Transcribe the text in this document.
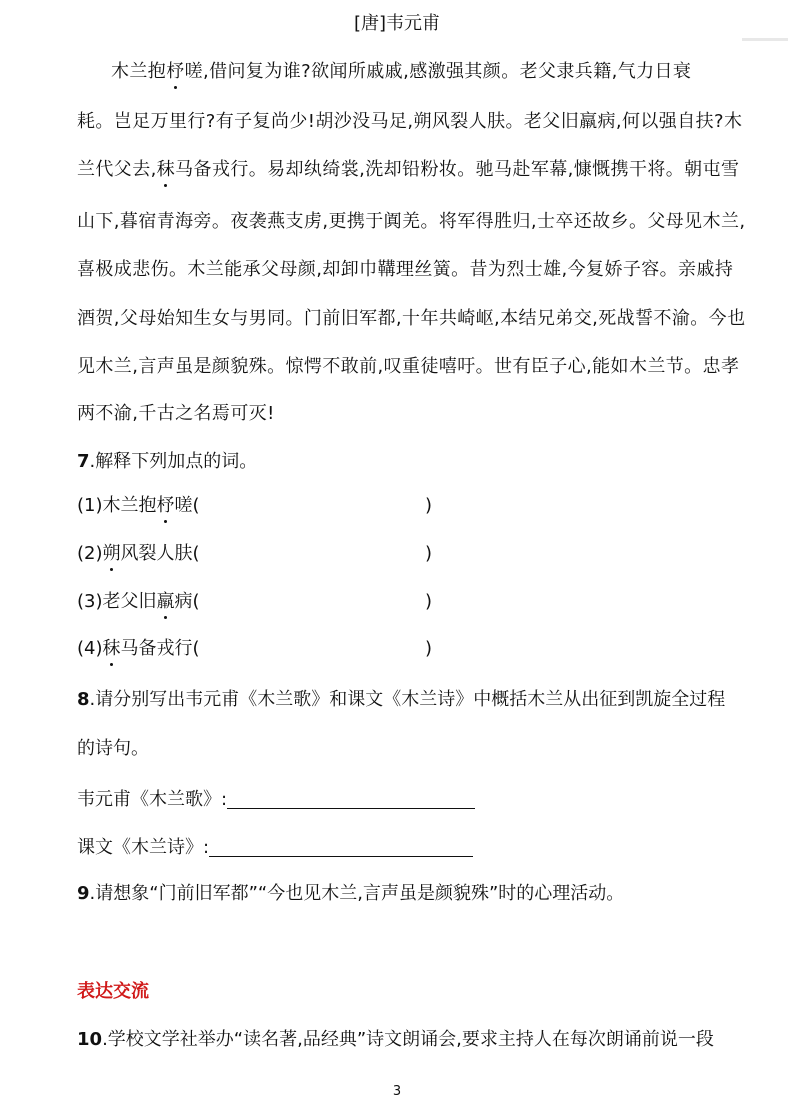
[唐]韦元甫
木兰抱杼嗟,借问复为谁?欲闻所戚戚,感激强其颜。老父隶兵籍,气力日衰
耗。岂足万里行?有子复尚少!胡沙没马足,朔风裂人肤。老父旧羸病,何以强自扶?木
兰代父去,秣马备戎行。易却纨绮裳,洗却铅粉妆。驰马赴军幕,慷慨携干将。朝屯雪
山下,暮宿青海旁。夜袭燕支虏,更携于阗羌。将军得胜归,士卒还故乡。父母见木兰,
喜极成悲伤。木兰能承父母颜,却卸巾鞲理丝簧。昔为烈士雄,今复娇子容。亲戚持
酒贺,父母始知生女与男同。门前旧军都,十年共崎岖,本结兄弟交,死战誓不渝。今也
见木兰,言声虽是颜貌殊。惊愕不敢前,叹重徒嘻吁。世有臣子心,能如木兰节。忠孝
两不渝,千古之名焉可灭!
7.解释下列加点的词。
(1)木兰抱杼嗟(	)
(2)朔风裂人肤(	)
(3)老父旧羸病(	)
(4)秣马备戎行(	)
8.请分别写出韦元甫《木兰歌》和课文《木兰诗》中概括木兰从出征到凯旋全过程
的诗句。
韦元甫《木兰歌》:
课文《木兰诗》:
9.请想象“门前旧军都”“今也见木兰,言声虽是颜貌殊”时的心理活动。
表达交流
10.学校文学社举办“读名著,品经典”诗文朗诵会,要求主持人在每次朗诵前说一段
3
